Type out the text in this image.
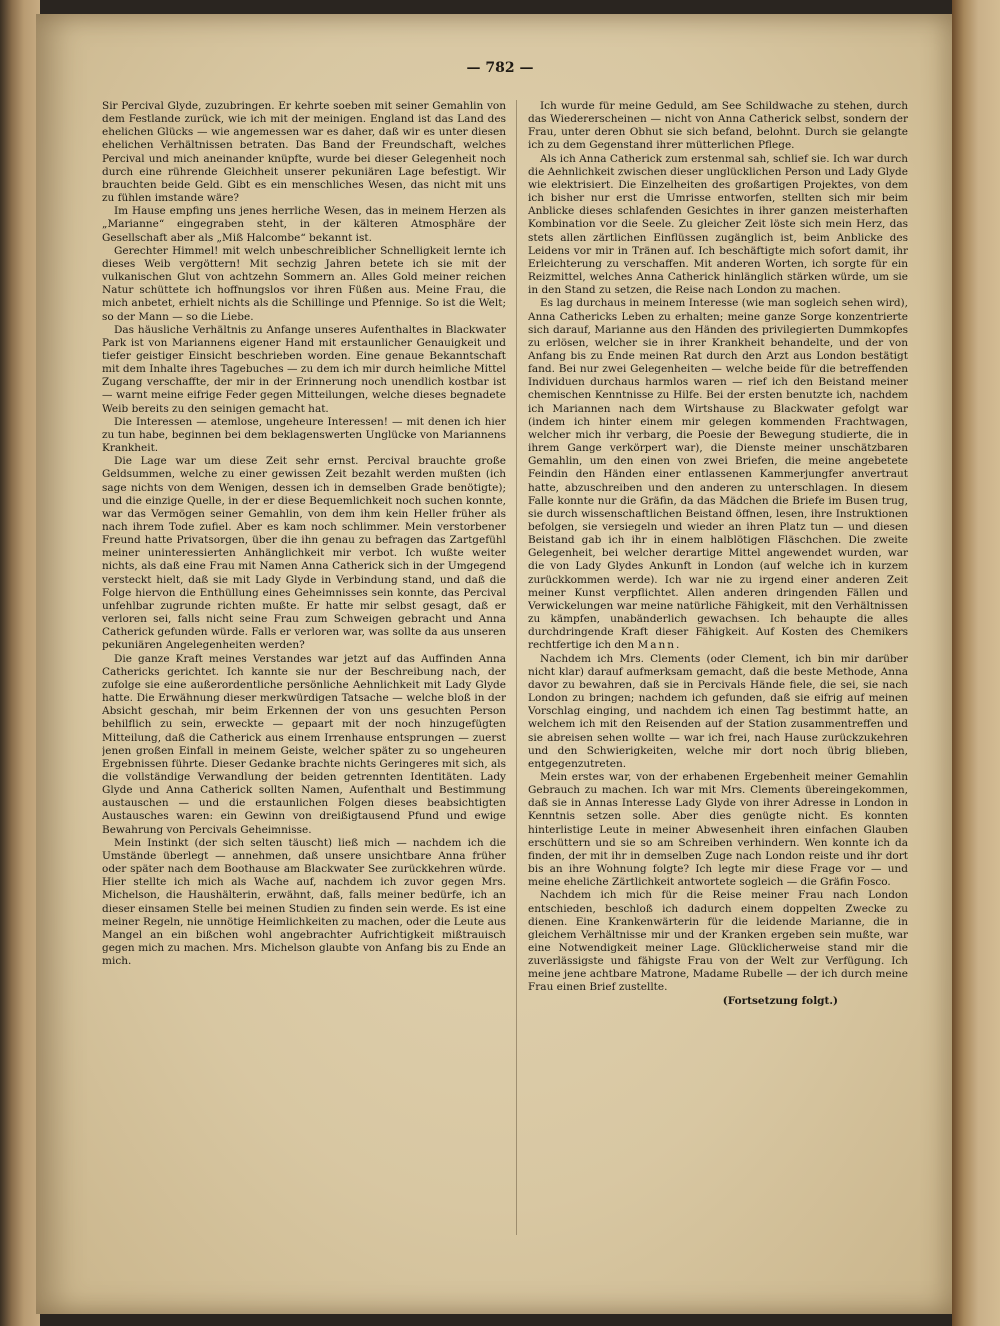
— 782 —

Sir Percival Glyde, zuzubringen. Er kehrte soeben mit seiner Gemahlin von dem Festlande zurück, wie ich mit der meinigen. England ist das Land des ehelichen Glücks — wie angemessen war es daher, daß wir es unter diesen ehelichen Verhältnissen betraten. Das Band der Freundschaft, welches Percival und mich aneinander knüpfte, wurde bei dieser Gelegenheit noch durch eine rührende Gleichheit unserer pekuniären Lage befestigt. Wir brauchten beide Geld. Gibt es ein menschliches Wesen, das nicht mit uns zu fühlen imstande wäre?

Im Hause empfing uns jenes herrliche Wesen, das in meinem Herzen als „Marianne“ eingegraben steht, in der kälteren Atmosphäre der Gesellschaft aber als „Miß Halcombe“ bekannt ist.

Gerechter Himmel! mit welch unbeschreiblicher Schnelligkeit lernte ich dieses Weib vergöttern! Mit sechzig Jahren betete ich sie mit der vulkanischen Glut von achtzehn Sommern an. Alles Gold meiner reichen Natur schüttete ich hoffnungslos vor ihren Füßen aus. Meine Frau, die mich anbetet, erhielt nichts als die Schillinge und Pfennige. So ist die Welt; so der Mann — so die Liebe.

Das häusliche Verhältnis zu Anfange unseres Aufenthaltes in Blackwater Park ist von Mariannens eigener Hand mit erstaunlicher Genauigkeit und tiefer geistiger Einsicht beschrieben worden. Eine genaue Bekanntschaft mit dem Inhalte ihres Tagebuches — zu dem ich mir durch heimliche Mittel Zugang verschaffte, der mir in der Erinnerung noch unendlich kostbar ist — warnt meine eifrige Feder gegen Mitteilungen, welche dieses begnadete Weib bereits zu den seinigen gemacht hat.

Die Interessen — atemlose, ungeheure Interessen! — mit denen ich hier zu tun habe, beginnen bei dem beklagenswerten Unglücke von Mariannens Krankheit.

Die Lage war um diese Zeit sehr ernst. Percival brauchte große Geldsummen, welche zu einer gewissen Zeit bezahlt werden mußten (ich sage nichts von dem Wenigen, dessen ich in demselben Grade benötigte); und die einzige Quelle, in der er diese Bequemlichkeit noch suchen konnte, war das Vermögen seiner Gemahlin, von dem ihm kein Heller früher als nach ihrem Tode zufiel. Aber es kam noch schlimmer. Mein verstorbener Freund hatte Privatsorgen, über die ihn genau zu befragen das Zartgefühl meiner uninteressierten Anhänglichkeit mir verbot. Ich wußte weiter nichts, als daß eine Frau mit Namen Anna Catherick sich in der Umgegend versteckt hielt, daß sie mit Lady Glyde in Verbindung stand, und daß die Folge hiervon die Enthüllung eines Geheimnisses sein konnte, das Percival unfehlbar zugrunde richten mußte. Er hatte mir selbst gesagt, daß er verloren sei, falls nicht seine Frau zum Schweigen gebracht und Anna Catherick gefunden würde. Falls er verloren war, was sollte da aus unseren pekuniären Angelegenheiten werden?

Die ganze Kraft meines Verstandes war jetzt auf das Auffinden Anna Cathericks gerichtet. Ich kannte sie nur der Beschreibung nach, der zufolge sie eine außerordentliche persönliche Aehnlichkeit mit Lady Glyde hatte. Die Erwähnung dieser merkwürdigen Tatsache — welche bloß in der Absicht geschah, mir beim Erkennen der von uns gesuchten Person behilflich zu sein, erweckte — gepaart mit der noch hinzugefügten Mitteilung, daß die Catherick aus einem Irrenhause entsprungen — zuerst jenen großen Einfall in meinem Geiste, welcher später zu so ungeheuren Ergebnissen führte. Dieser Gedanke brachte nichts Geringeres mit sich, als die vollständige Verwandlung der beiden getrennten Identitäten. Lady Glyde und Anna Catherick sollten Namen, Aufenthalt und Bestimmung austauschen — und die erstaunlichen Folgen dieses beabsichtigten Austausches waren: ein Gewinn von dreißigtausend Pfund und ewige Bewahrung von Percivals Geheimnisse.

Mein Instinkt (der sich selten täuscht) ließ mich — nachdem ich die Umstände überlegt — annehmen, daß unsere unsichtbare Anna früher oder später nach dem Boothause am Blackwater See zurückkehren würde. Hier stellte ich mich als Wache auf, nachdem ich zuvor gegen Mrs. Michelson, die Haushälterin, erwähnt, daß, falls meiner bedürfe, ich an dieser einsamen Stelle bei meinen Studien zu finden sein werde. Es ist eine meiner Regeln, nie unnötige Heimlichkeiten zu machen, oder die Leute aus Mangel an ein bißchen wohl angebrachter Aufrichtigkeit mißtrauisch gegen mich zu machen. Mrs. Michelson glaubte von Anfang bis zu Ende an mich.

Ich wurde für meine Geduld, am See Schildwache zu stehen, durch das Wiedererscheinen — nicht von Anna Catherick selbst, sondern der Frau, unter deren Obhut sie sich befand, belohnt. Durch sie gelangte ich zu dem Gegenstand ihrer mütterlichen Pflege.

Als ich Anna Catherick zum erstenmal sah, schlief sie. Ich war durch die Aehnlichkeit zwischen dieser unglücklichen Person und Lady Glyde wie elektrisiert. Die Einzelheiten des großartigen Projektes, von dem ich bisher nur erst die Umrisse entworfen, stellten sich mir beim Anblicke dieses schlafenden Gesichtes in ihrer ganzen meisterhaften Kombination vor die Seele. Zu gleicher Zeit löste sich mein Herz, das stets allen zärtlichen Einflüssen zugänglich ist, beim Anblicke des Leidens vor mir in Tränen auf. Ich beschäftigte mich sofort damit, ihr Erleichterung zu verschaffen. Mit anderen Worten, ich sorgte für ein Reizmittel, welches Anna Catherick hinlänglich stärken würde, um sie in den Stand zu setzen, die Reise nach London zu machen.

Es lag durchaus in meinem Interesse (wie man sogleich sehen wird), Anna Cathericks Leben zu erhalten; meine ganze Sorge konzentrierte sich darauf, Marianne aus den Händen des privilegierten Dummkopfes zu erlösen, welcher sie in ihrer Krankheit behandelte, und der von Anfang bis zu Ende meinen Rat durch den Arzt aus London bestätigt fand. Bei nur zwei Gelegenheiten — welche beide für die betreffenden Individuen durchaus harmlos waren — rief ich den Beistand meiner chemischen Kenntnisse zu Hilfe. Bei der ersten benutzte ich, nachdem ich Mariannen nach dem Wirtshause zu Blackwater gefolgt war (indem ich hinter einem mir gelegen kommenden Frachtwagen, welcher mich ihr verbarg, die Poesie der Bewegung studierte, die in ihrem Gange verkörpert war), die Dienste meiner unschätzbaren Gemahlin, um den einen von zwei Briefen, die meine angebetete Feindin den Händen einer entlassenen Kammerjungfer anvertraut hatte, abzuschreiben und den anderen zu unterschlagen. In diesem Falle konnte nur die Gräfin, da das Mädchen die Briefe im Busen trug, sie durch wissenschaftlichen Beistand öffnen, lesen, ihre Instruktionen befolgen, sie versiegeln und wieder an ihren Platz tun — und diesen Beistand gab ich ihr in einem halblötigen Fläschchen. Die zweite Gelegenheit, bei welcher derartige Mittel angewendet wurden, war die von Lady Glydes Ankunft in London (auf welche ich in kurzem zurückkommen werde). Ich war nie zu irgend einer anderen Zeit meiner Kunst verpflichtet. Allen anderen dringenden Fällen und Verwickelungen war meine natürliche Fähigkeit, mit den Verhältnissen zu kämpfen, unabänderlich gewachsen. Ich behaupte die alles durchdringende Kraft dieser Fähigkeit. Auf Kosten des Chemikers rechtfertige ich den Mann.

Nachdem ich Mrs. Clements (oder Clement, ich bin mir darüber nicht klar) darauf aufmerksam gemacht, daß die beste Methode, Anna davor zu bewahren, daß sie in Percivals Hände fiele, die sei, sie nach London zu bringen; nachdem ich gefunden, daß sie eifrig auf meinen Vorschlag einging, und nachdem ich einen Tag bestimmt hatte, an welchem ich mit den Reisenden auf der Station zusammentreffen und sie abreisen sehen wollte — war ich frei, nach Hause zurückzukehren und den Schwierigkeiten, welche mir dort noch übrig blieben, entgegenzutreten.

Mein erstes war, von der erhabenen Ergebenheit meiner Gemahlin Gebrauch zu machen. Ich war mit Mrs. Clements übereingekommen, daß sie in Annas Interesse Lady Glyde von ihrer Adresse in London in Kenntnis setzen solle. Aber dies genügte nicht. Es konnten hinterlistige Leute in meiner Abwesenheit ihren einfachen Glauben erschüttern und sie so am Schreiben verhindern. Wen konnte ich da finden, der mit ihr in demselben Zuge nach London reiste und ihr dort bis an ihre Wohnung folgte? Ich legte mir diese Frage vor — und meine eheliche Zärtlichkeit antwortete sogleich — die Gräfin Fosco.

Nachdem ich mich für die Reise meiner Frau nach London entschieden, beschloß ich dadurch einem doppelten Zwecke zu dienen. Eine Krankenwärterin für die leidende Marianne, die in gleichem Verhältnisse mir und der Kranken ergeben sein mußte, war eine Notwendigkeit meiner Lage. Glücklicherweise stand mir die zuverlässigste und fähigste Frau von der Welt zur Verfügung. Ich meine jene achtbare Matrone, Madame Rubelle — der ich durch meine Frau einen Brief zustellte.

(Fortsetzung folgt.)
